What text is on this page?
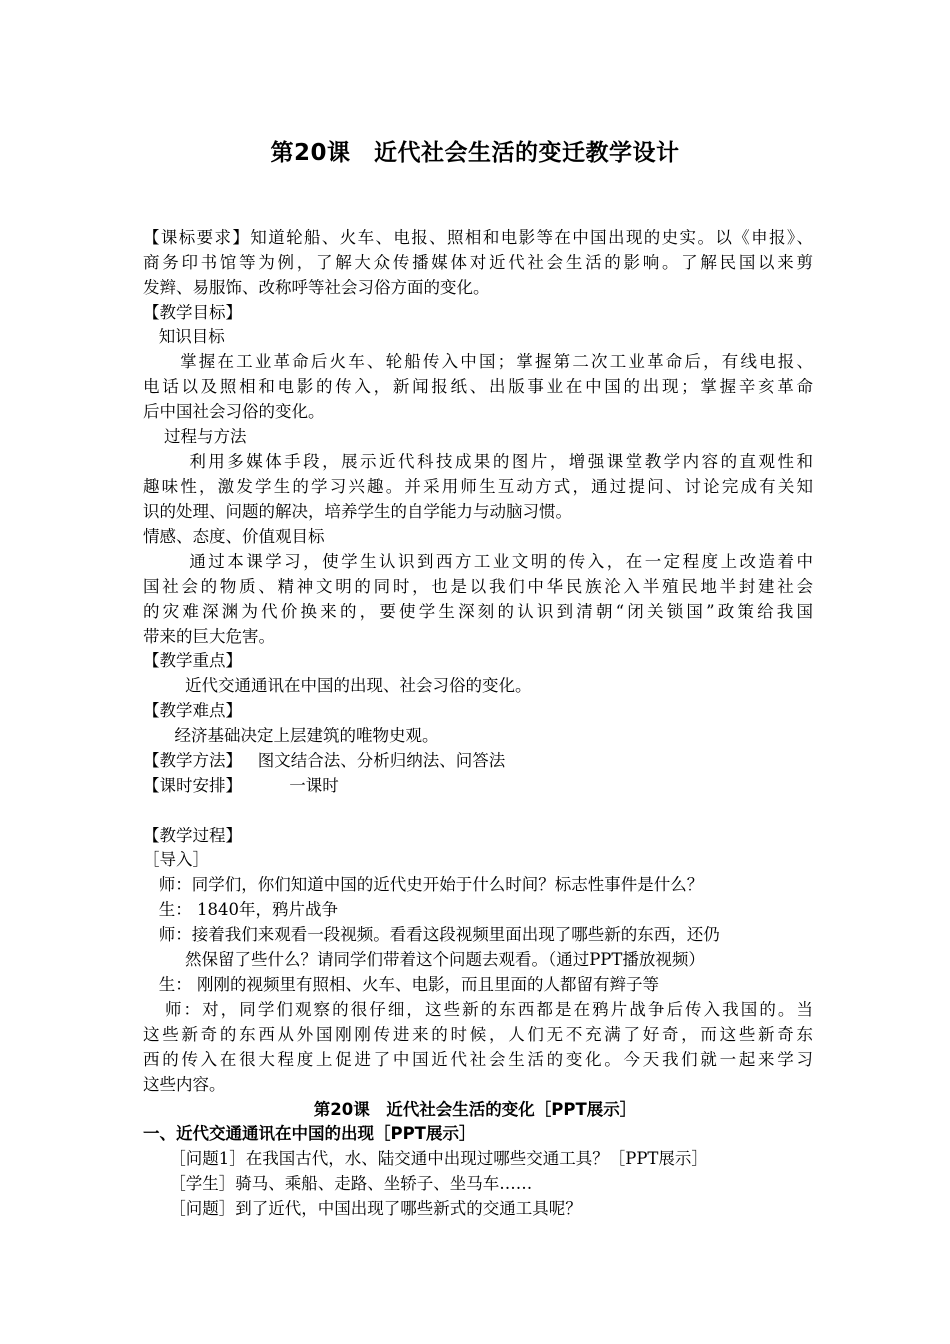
第20课　近代社会生活的变迁教学设计
【课标要求】知道轮船、火车、电报、照相和电影等在中国出现的史实。以《申报》、
商务印书馆等为例，了解大众传播媒体对近代社会生活的影响。了解民国以来剪
发辫、易服饰、改称呼等社会习俗方面的变化。
【教学目标】
知识目标
掌握在工业革命后火车、轮船传入中国；掌握第二次工业革命后，有线电报、
电话以及照相和电影的传入，新闻报纸、出版事业在中国的出现；掌握辛亥革命
后中国社会习俗的变化。
过程与方法
利用多媒体手段，展示近代科技成果的图片，增强课堂教学内容的直观性和
趣味性，激发学生的学习兴趣。并采用师生互动方式，通过提问、讨论完成有关知
识的处理、问题的解决，培养学生的自学能力与动脑习惯。
情感、态度、价值观目标
通过本课学习，使学生认识到西方工业文明的传入，在一定程度上改造着中
国社会的物质、精神文明的同时，也是以我们中华民族沦入半殖民地半封建社会
的灾难深渊为代价换来的，要使学生深刻的认识到清朝“闭关锁国”政策给我国
带来的巨大危害。
【教学重点】
近代交通通讯在中国的出现、社会习俗的变化。
【教学难点】
经济基础决定上层建筑的唯物史观。
【教学方法】   图文结合法、分析归纳法、问答法
【课时安排】         一课时
【教学过程】
［导入］
师：同学们，你们知道中国的近代史开始于什么时间？标志性事件是什么？
生： 1840年，鸦片战争
师：接着我们来观看一段视频。看看这段视频里面出现了哪些新的东西，还仍
然保留了些什么？请同学们带着这个问题去观看。（通过PPT播放视频）
生： 刚刚的视频里有照相、火车、电影，而且里面的人都留有辫子等
师：对，同学们观察的很仔细，这些新的东西都是在鸦片战争后传入我国的。当
这些新奇的东西从外国刚刚传进来的时候，人们无不充满了好奇，而这些新奇东
西的传入在很大程度上促进了中国近代社会生活的变化。今天我们就一起来学习
这些内容。
第20课　近代社会生活的变化［PPT展示］
一、近代交通通讯在中国的出现［PPT展示］
［问题1］在我国古代，水、陆交通中出现过哪些交通工具？［PPT展示］
［学生］骑马、乘船、走路、坐轿子、坐马车……
［问题］到了近代，中国出现了哪些新式的交通工具呢？
